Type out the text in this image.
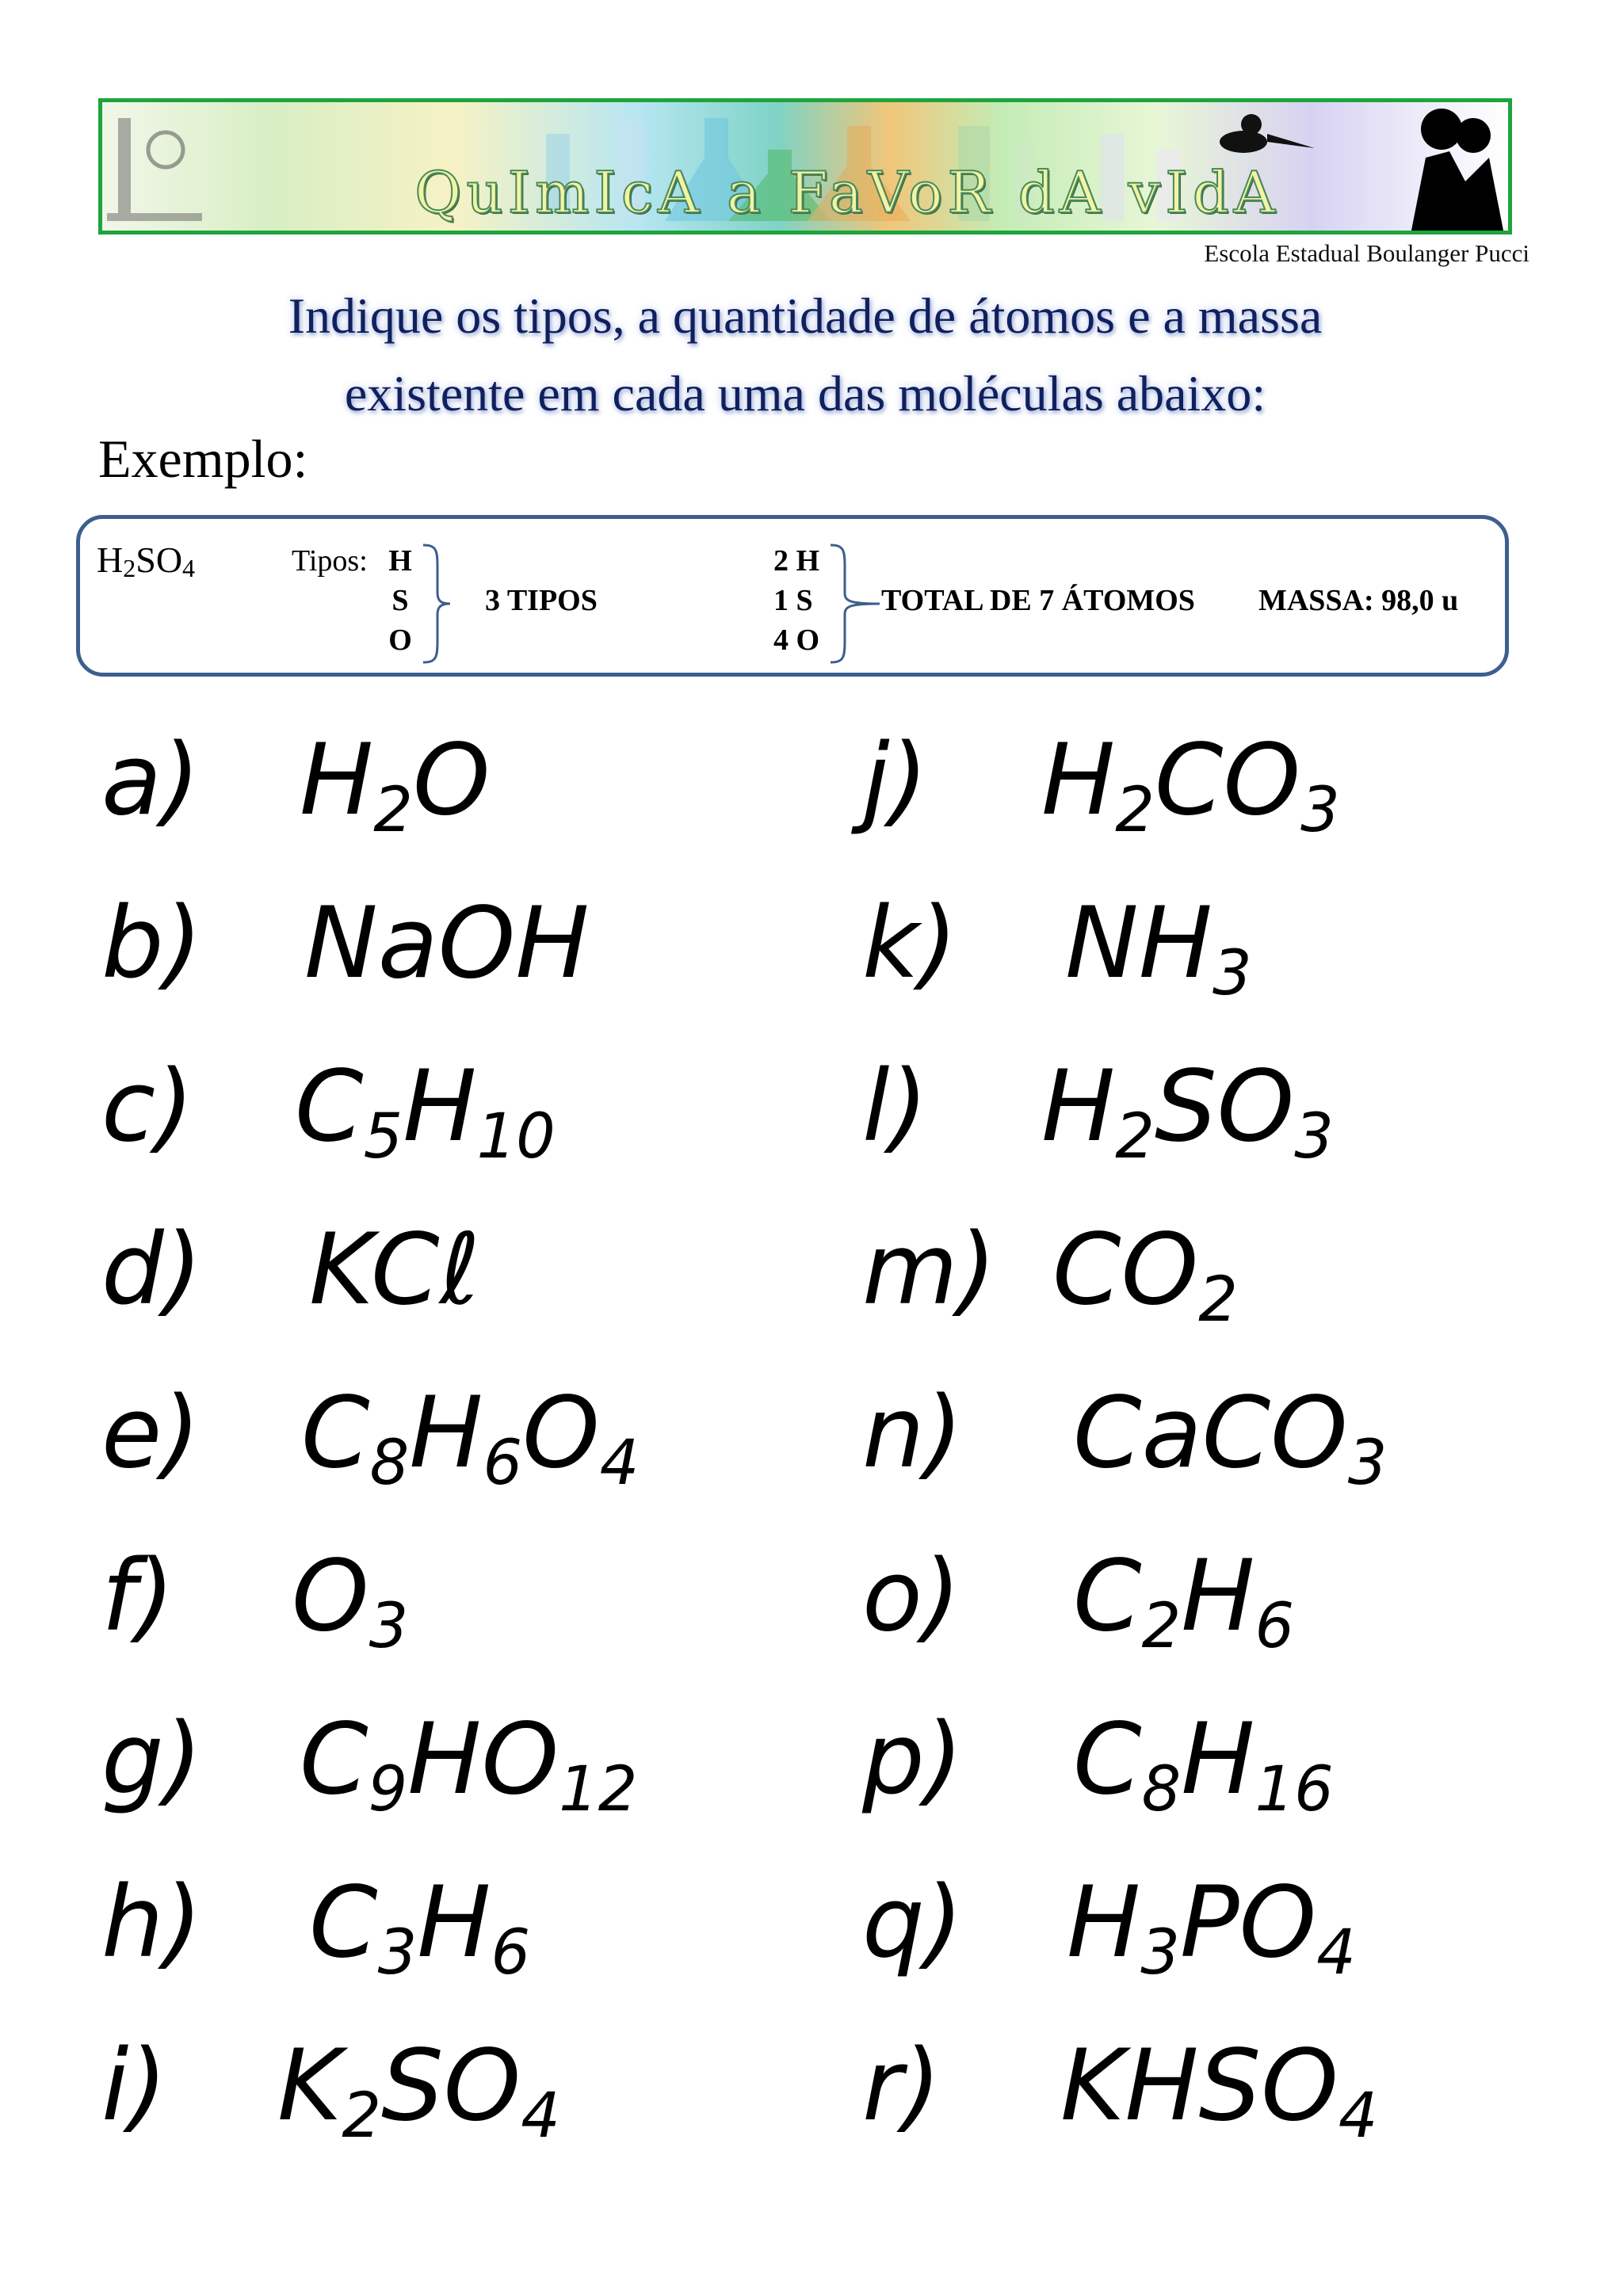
QuImIcA a FaVoR dA vIdA
Escola Estadual Boulanger Pucci
Indique os tipos, a quantidade de átomos e a massa
existente em cada uma das moléculas abaixo:
Exemplo:
$H_2SO_4$	Tipos: H
S
O
3 TIPOS
2 H
1 S
4 O
TOTAL DE 7 ÁTOMOS MASSA: 98,0 u
a) $H_2O$
b) NaOH
c) $C_5H_{10}$
d) KCℓ
e) $C_8H_6O_4$
f) $O_3$
g) $C_9HO_{12}$
h) $C_3H_6$
i) $K_2SO_4$
j) $H_2CO_3$
k) $NH_3$
l) $H_2SO_3$
m) $CO_2$
n) CaCO$_3$
o) $C_2H_6$
p) $C_8H_{16}$
q) $H_3PO_4$
r) $KHSO_4$
